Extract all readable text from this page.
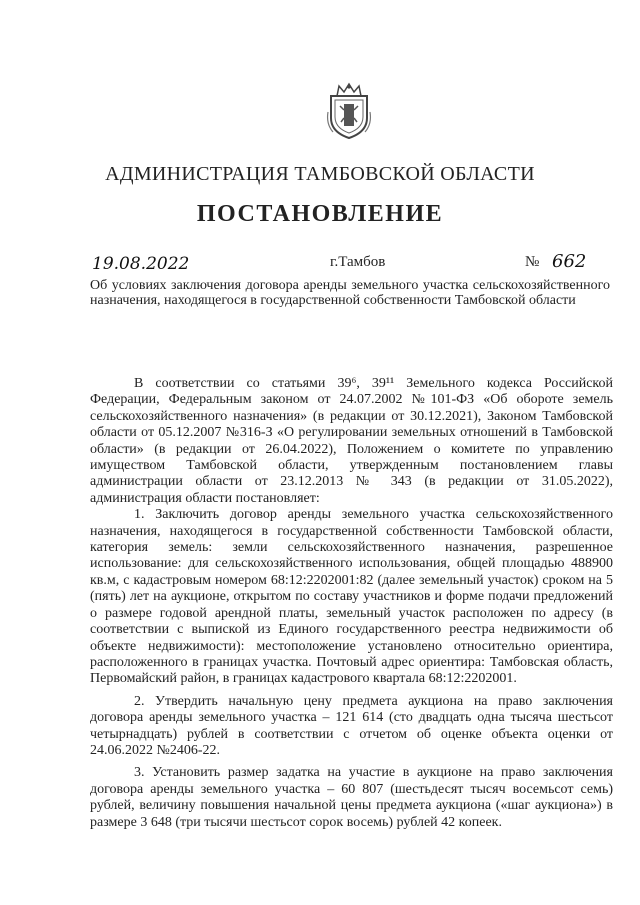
АДМИНИСТРАЦИЯ ТАМБОВСКОЙ ОБЛАСТИ
ПОСТАНОВЛЕНИЕ
19.08.2022	г.Тамбов	№ 662
Об условиях заключения договора аренды земельного участка сельскохозяйственного назначения, находящегося в государственной собственности Тамбовской области

В соответствии со статьями 39⁶, 39¹¹ Земельного кодекса Российской Федерации, Федеральным законом от 24.07.2002 №101-ФЗ «Об обороте земель сельскохозяйственного назначения» (в редакции от 30.12.2021), Законом Тамбовской области от 05.12.2007 №316-З «О регулировании земельных отношений в Тамбовской области» (в редакции от 26.04.2022), Положением о комитете по управлению имуществом Тамбовской области, утвержденным постановлением главы администрации области от 23.12.2013 № 343 (в редакции от 31.05.2022), администрация области постановляет:

1. Заключить договор аренды земельного участка сельскохозяйственного назначения, находящегося в государственной собственности Тамбовской области, категория земель: земли сельскохозяйственного назначения, разрешенное использование: для сельскохозяйственного использования, общей площадью 488900 кв.м, с кадастровым номером 68:12:2202001:82 (далее земельный участок) сроком на 5 (пять) лет на аукционе, открытом по составу участников и форме подачи предложений о размере годовой арендной платы, земельный участок расположен по адресу (в соответствии с выпиской из Единого государственного реестра недвижимости об объекте недвижимости): местоположение установлено относительно ориентира, расположенного в границах участка. Почтовый адрес ориентира: Тамбовская область, Первомайский район, в границах кадастрового квартала 68:12:2202001.

2. Утвердить начальную цену предмета аукциона на право заключения договора аренды земельного участка – 121 614 (сто двадцать одна тысяча шестьсот четырнадцать) рублей в соответствии с отчетом об оценке объекта оценки от 24.06.2022 №2406-22.

3. Установить размер задатка на участие в аукционе на право заключения договора аренды земельного участка – 60 807 (шестьдесят тысяч восемьсот семь) рублей, величину повышения начальной цены предмета аукциона («шаг аукциона») в размере 3 648 (три тысячи шестьсот сорок восемь) рублей 42 копеек.
